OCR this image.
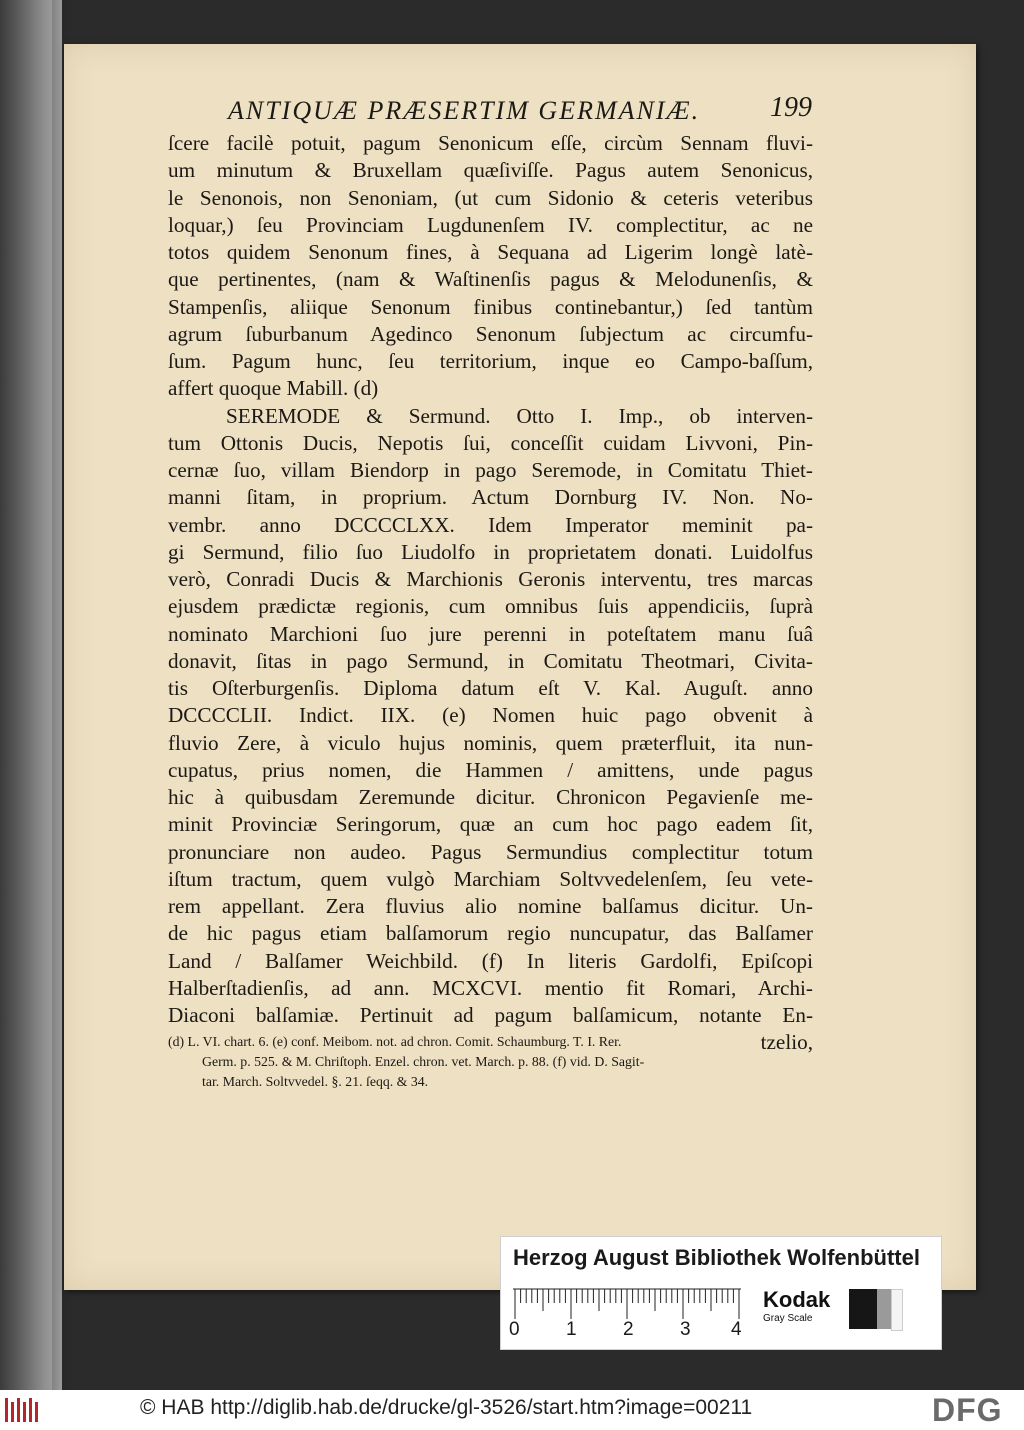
ANTIQUÆ PRÆSERTIM GERMANIÆ.	199
ſcere facilè potuit, pagum Senonicum eſſe, circùm Sennam fluvi-
um minutum & Bruxellam quæſiviſſe. Pagus autem Senonicus,
le Senonois, non Senoniam, (ut cum Sidonio & ceteris veteribus
loquar,) ſeu Provinciam Lugdunenſem IV. complectitur, ac ne
totos quidem Senonum fines, à Sequana ad Ligerim longè latè-
que pertinentes, (nam & Waſtinenſis pagus & Melodunenſis, &
Stampenſis, aliique Senonum finibus continebantur,) ſed tantùm
agrum ſuburbanum Agedinco Senonum ſubjectum ac circumfu-
ſum. Pagum hunc, ſeu territorium, inque eo Campo-baſſum,
affert quoque Mabill. (d)
SEREMODE & Sermund. Otto I. Imp., ob interven-
tum Ottonis Ducis, Nepotis ſui, conceſſit cuidam Livvoni, Pin-
cernæ ſuo, villam Biendorp in pago Seremode, in Comitatu Thiet-
manni ſitam, in proprium. Actum Dornburg IV. Non. No-
vembr. anno DCCCCLXX. Idem Imperator meminit pa-
gi Sermund, filio ſuo Liudolfo in proprietatem donati. Luidolfus
verò, Conradi Ducis & Marchionis Geronis interventu, tres marcas
ejusdem prædictæ regionis, cum omnibus ſuis appendiciis, ſuprà
nominato Marchioni ſuo jure perenni in poteſtatem manu ſuâ
donavit, ſitas in pago Sermund, in Comitatu Theotmari, Civita-
tis Oſterburgenſis. Diploma datum eſt V. Kal. Auguſt. anno
DCCCCLII. Indict. IIX. (e) Nomen huic pago obvenit à
fluvio Zere, à viculo hujus nominis, quem præterfluit, ita nun-
cupatus, prius nomen, die Hammen / amittens, unde pagus
hic à quibusdam Zeremunde dicitur. Chronicon Pegavienſe me-
minit Provinciæ Seringorum, quæ an cum hoc pago eadem ſit,
pronunciare non audeo. Pagus Sermundius complectitur totum
iſtum tractum, quem vulgò Marchiam Soltvvedelenſem, ſeu vete-
rem appellant. Zera fluvius alio nomine balſamus dicitur. Un-
de hic pagus etiam balſamorum regio nuncupatur, das Balſamer
Land / Balſamer Weichbild. (f) In literis Gardolfi, Epiſcopi
Halberſtadienſis, ad ann. MCXCVI. mentio fit Romari, Archi-
Diaconi balſamiæ. Pertinuit ad pagum balſamicum, notante En-
tzelio,
(d) L. VI. chart. 6. (e) conf. Meibom. not. ad chron. Comit. Schaumburg. T. I. Rer.
Germ. p. 525. & M. Chriſtoph. Enzel. chron. vet. March. p. 88. (f) vid. D. Sagit-
tar. March. Soltvvedel. §. 21. ſeqq. & 34.
Herzog August Bibliothek Wolfenbüttel
0 1 2 3 4
Kodak
Gray Scale
© HAB http://diglib.hab.de/drucke/gl-3526/start.htm?image=00211	DFG
